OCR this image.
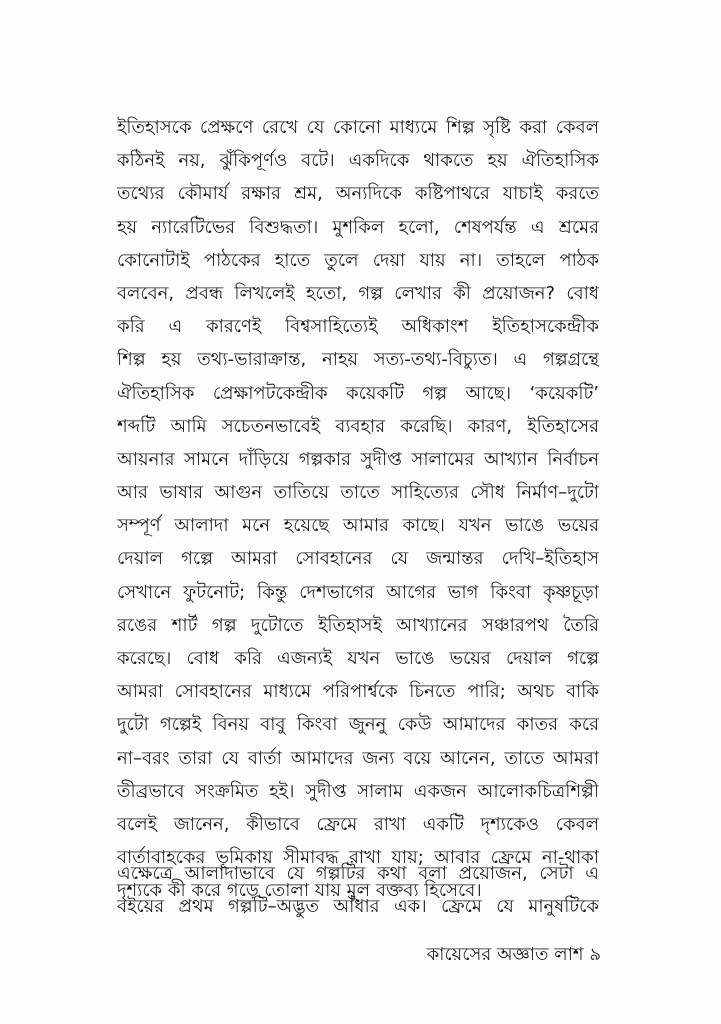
ইতিহাসকে প্রেক্ষণে রেখে যে কোনো মাধ্যমে শিল্প সৃষ্টি করা কেবল
কঠিনই নয়, ঝুঁকিপূর্ণও বটে। একদিকে থাকতে হয় ঐতিহাসিক
তথ্যের কৌমার্য রক্ষার শ্রম, অন্যদিকে কষ্টিপাথরে যাচাই করতে
হয় ন্যারেটিভের বিশুদ্ধতা। মুশকিল হলো, শেষপর্যন্ত এ শ্রমের
কোনোটাই পাঠকের হাতে তুলে দেয়া যায় না। তাহলে পাঠক
বলবেন, প্রবন্ধ লিখলেই হতো, গল্প লেখার কী প্রয়োজন? বোধ
করি এ কারণেই বিশ্বসাহিত্যেই অধিকাংশ ইতিহাসকেন্দ্রীক
শিল্প হয় তথ্য-ভারাক্রান্ত, নাহয় সত্য-তথ্য-বিচ্যুত। এ গল্পগ্রন্থে
ঐতিহাসিক প্রেক্ষাপটকেন্দ্রীক কয়েকটি গল্প আছে। ‘কয়েকটি’
শব্দটি আমি সচেতনভাবেই ব্যবহার করেছি। কারণ, ইতিহাসের
আয়নার সামনে দাঁড়িয়ে গল্পকার সুদীপ্ত সালামের আখ্যান নির্বাচন
আর ভাষার আগুন তাতিয়ে তাতে সাহিত্যের সৌধ নির্মাণ–দুটো
সম্পূর্ণ আলাদা মনে হয়েছে আমার কাছে। যখন ভাঙে ভয়ের
দেয়াল গল্পে আমরা সোবহানের যে জন্মান্তর দেখি–ইতিহাস
সেখানে ফুটনোট; কিন্তু দেশভাগের আগের ভাগ কিংবা কৃষ্ণচূড়া
রঙের শার্ট গল্প দুটোতে ইতিহাসই আখ্যানের সঞ্চারপথ তৈরি
করেছে। বোধ করি এজন্যই যখন ভাঙে ভয়ের দেয়াল গল্পে
আমরা সোবহানের মাধ্যমে পরিপার্শ্বকে চিনতে পারি; অথচ বাকি
দুটো গল্পেই বিনয় বাবু কিংবা জুননু কেউ আমাদের কাতর করে
না–বরং তারা যে বার্তা আমাদের জন্য বয়ে আনেন, তাতে আমরা
তীব্রভাবে সংক্রমিত হই। সুদীপ্ত সালাম একজন আলোকচিত্রশিল্পী
বলেই জানেন, কীভাবে ফ্রেমে রাখা একটি দৃশ্যকেও কেবল
বার্তাবাহকের ভূমিকায় সীমাবদ্ধ রাখা যায়; আবার ফ্রেমে না-থাকা
দৃশ্যকে কী করে গড়ে তোলা যায় মূল বক্তব্য হিসেবে।
এক্ষেত্রে আলাদাভাবে যে গল্পটির কথা বলা প্রয়োজন, সেটা এ
বইয়ের প্রথম গল্পটি–অদ্ভুত আঁধার এক। ফ্রেমে যে মানুষটিকে
কায়েসের অজ্ঞাত লাশ ৯
